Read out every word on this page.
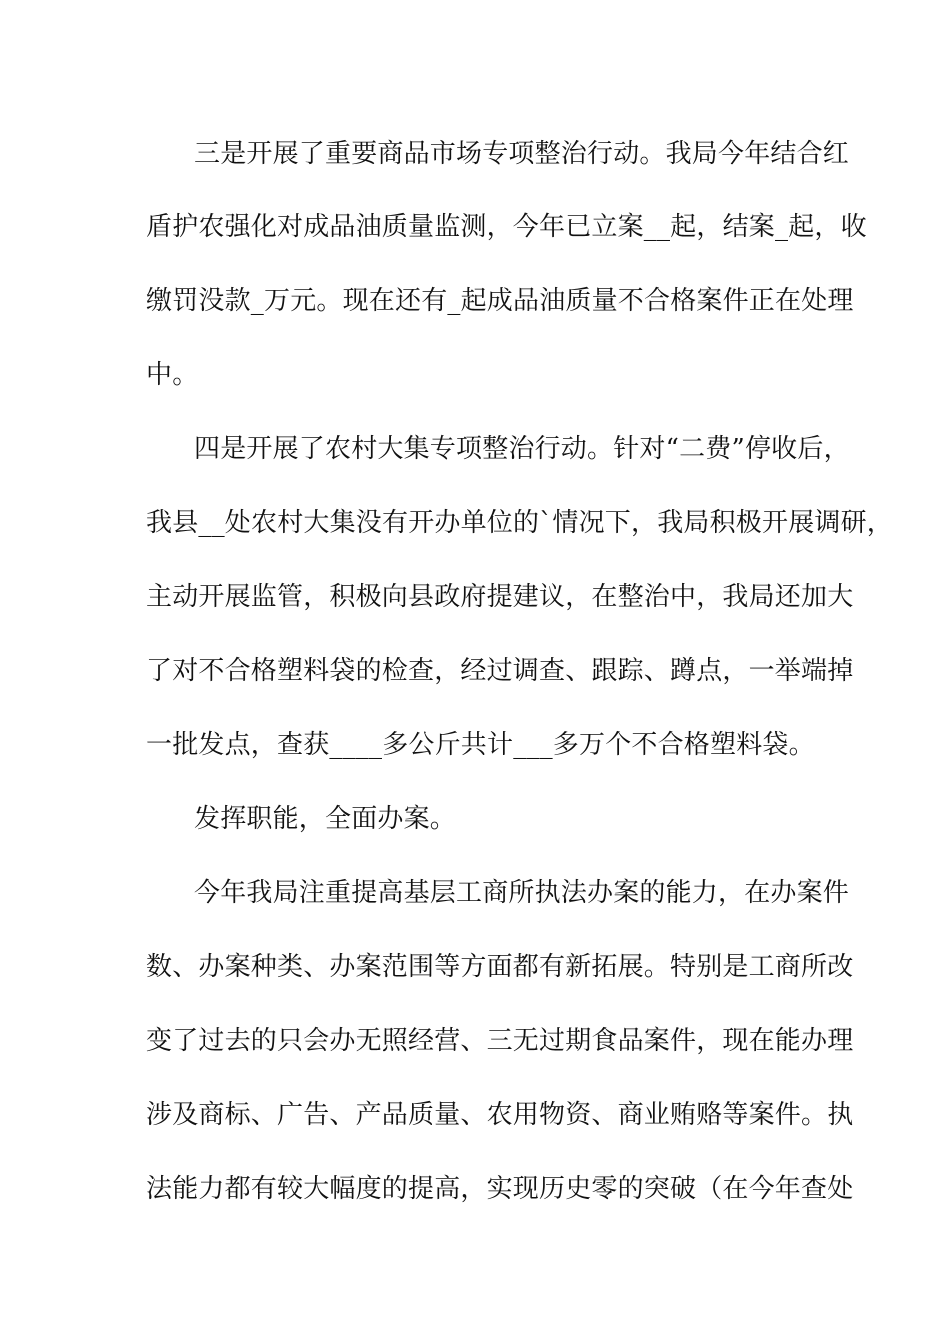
三是开展了重要商品市场专项整治行动。我局今年结合红
盾护农强化对成品油质量监测，今年已立案__起，结案_起，收
缴罚没款_万元。现在还有_起成品油质量不合格案件正在处理
中。
四是开展了农村大集专项整治行动。针对“二费”停收后，
我县__处农村大集没有开办单位的`情况下，我局积极开展调研，
主动开展监管，积极向县政府提建议，在整治中，我局还加大
了对不合格塑料袋的检查，经过调查、跟踪、蹲点，一举端掉
一批发点，查获____多公斤共计___多万个不合格塑料袋。
发挥职能，全面办案。
今年我局注重提高基层工商所执法办案的能力，在办案件
数、办案种类、办案范围等方面都有新拓展。特别是工商所改
变了过去的只会办无照经营、三无过期食品案件，现在能办理
涉及商标、广告、产品质量、农用物资、商业贿赂等案件。执
法能力都有较大幅度的提高，实现历史零的突破（在今年查处
